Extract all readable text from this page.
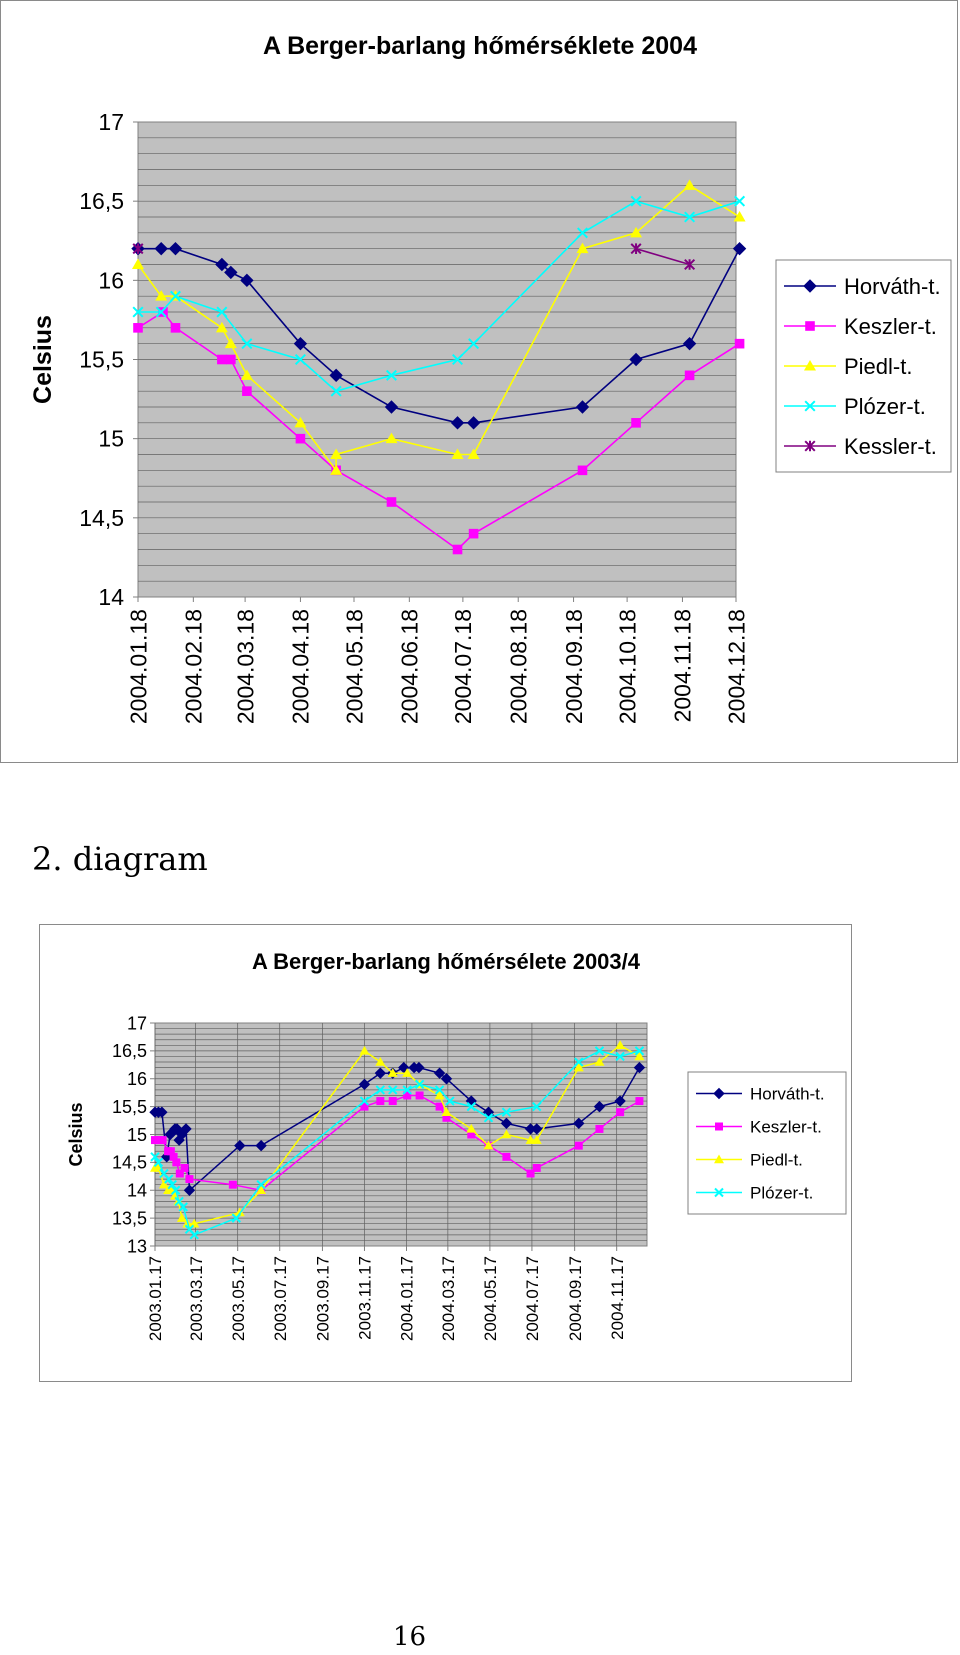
A Berger-barlang hőmérséklete 2004
14
14,5
15
15,5
16
16,5
17
Celsius
2004.01.18 2004.02.18 2004.03.18 2004.04.18 2004.05.18 2004.06.18 2004.07.18 2004.08.18 2004.09.18 2004.10.18 2004.11.18 2004.12.18
Horváth-t.
Keszler-t.
Piedl-t.
Plózer-t.
Kessler-t.
2. diagram
A Berger-barlang hőmérsélete 2003/4
13
13,5
14
14,5
15
15,5
16
16,5
17
Celsius
2003.01.17 2003.03.17 2003.05.17 2003.07.17 2003.09.17 2003.11.17 2004.01.17 2004.03.17 2004.05.17 2004.07.17 2004.09.17 2004.11.17
Horváth-t.
Keszler-t.
Piedl-t.
Plózer-t.
16
